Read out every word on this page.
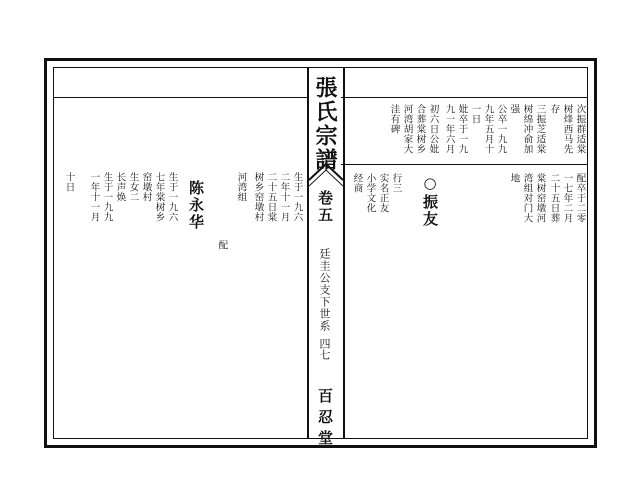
張氏宗譜
卷五
廷圭公支下世系
四七
百忍堂
次振群适棠
树烽西马先
存
三振芝适棠
树绵冲俞加
强
公卒一九九
九年五月十
一日
妣卒于一九
九一年六月
初六日公妣
合葬棠树乡
河湾胡家大
洼有碑
配卒于二零
一七年二月
二十五日葬
棠树窑墩河
湾组对门大
地
○振友
行三
实名正友
小学文化
经商
生于一九六
二年十一月
二十五日棠
树乡窑墩村
河湾组
配
陈永华
生于一九六
七年棠树乡
窑墩村
生女二
长声焕
生于一九九
一年十一月
十日
